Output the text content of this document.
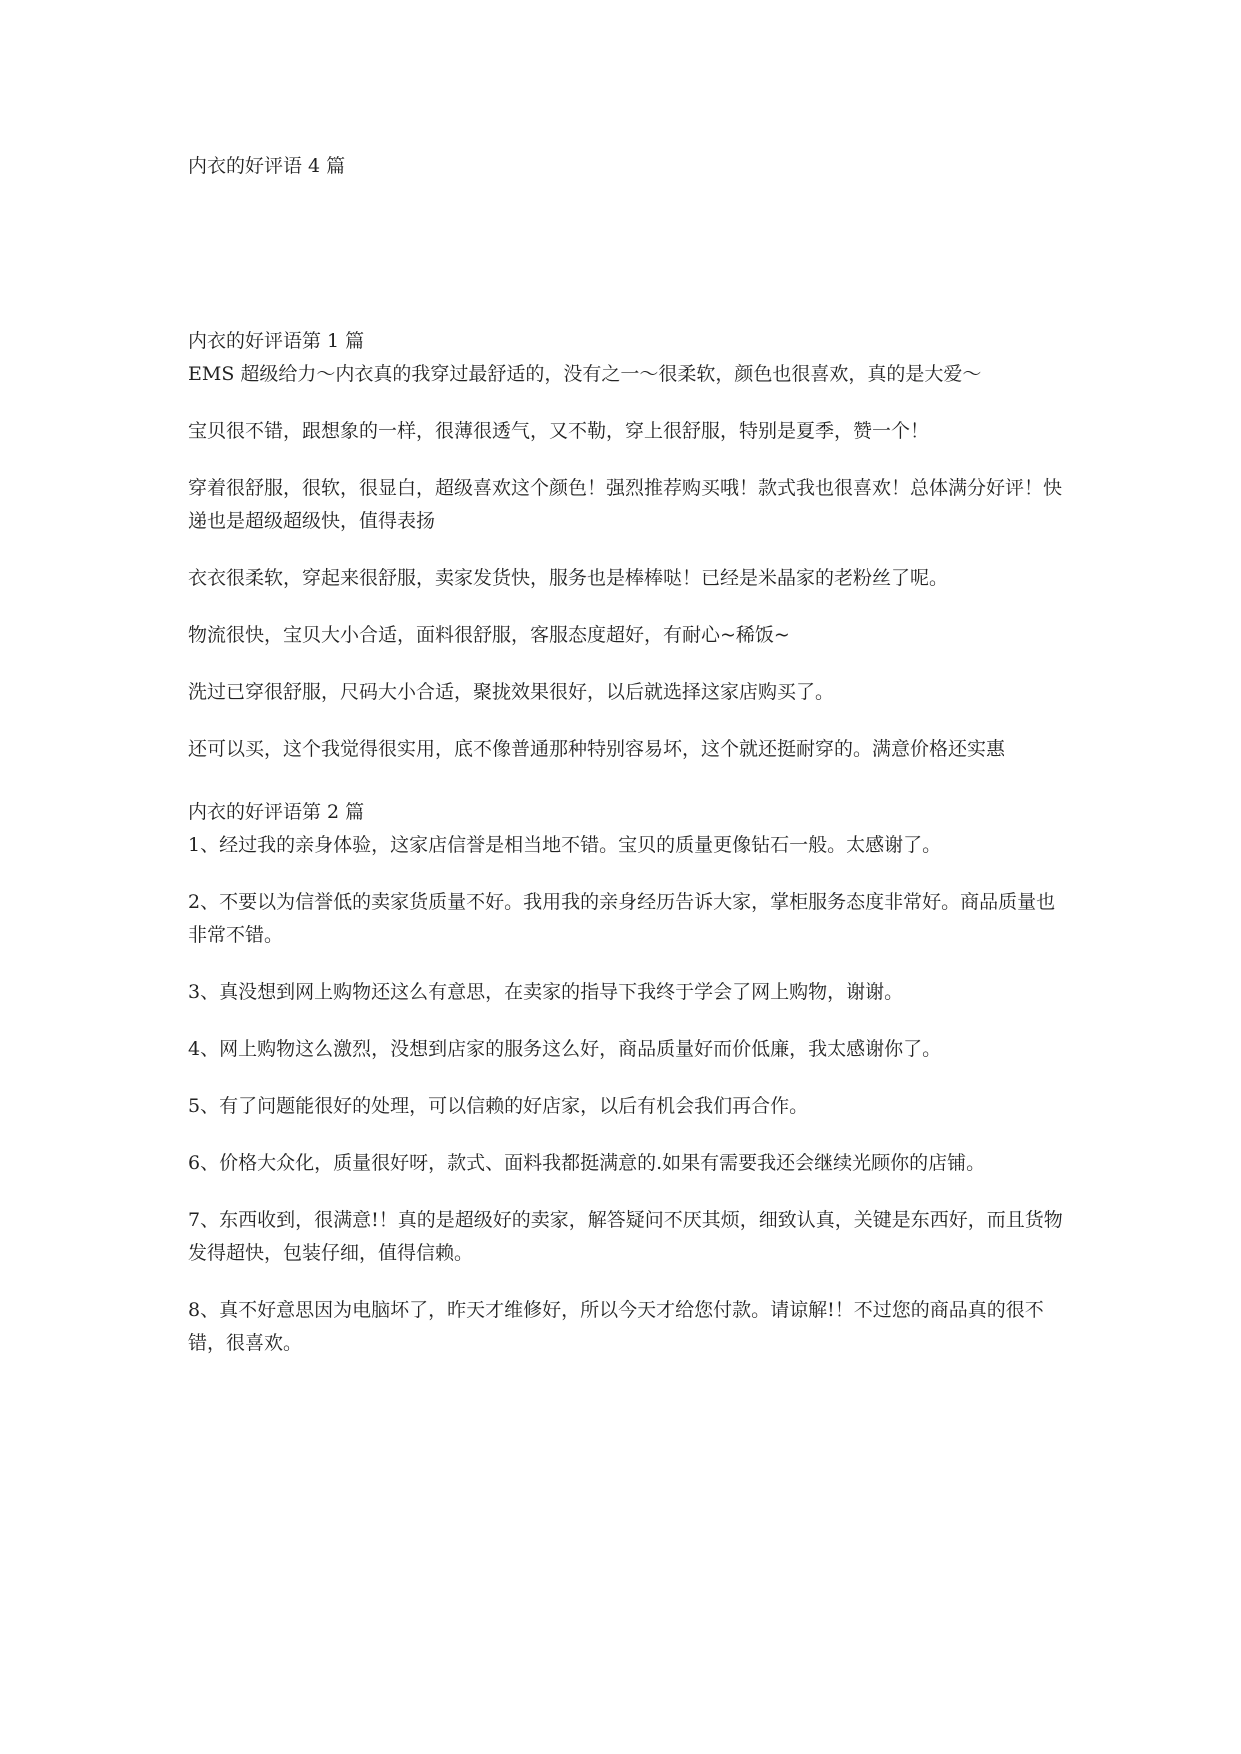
内衣的好评语 4 篇
内衣的好评语第 1 篇

EMS 超级给力～内衣真的我穿过最舒适的，没有之一～很柔软，颜色也很喜欢，真的是大爱～

宝贝很不错，跟想象的一样，很薄很透气，又不勒，穿上很舒服，特别是夏季，赞一个！

穿着很舒服，很软，很显白，超级喜欢这个颜色！强烈推荐购买哦！款式我也很喜欢！总体满分好评！快递也是超级超级快，值得表扬

衣衣很柔软，穿起来很舒服，卖家发货快，服务也是棒棒哒！已经是米晶家的老粉丝了呢。

物流很快，宝贝大小合适，面料很舒服，客服态度超好，有耐心~稀饭~

洗过已穿很舒服，尺码大小合适，聚拢效果很好，以后就选择这家店购买了。

还可以买，这个我觉得很实用，底不像普通那种特别容易坏，这个就还挺耐穿的。满意价格还实惠

内衣的好评语第 2 篇

1、经过我的亲身体验，这家店信誉是相当地不错。宝贝的质量更像钻石一般。太感谢了。

2、不要以为信誉低的卖家货质量不好。我用我的亲身经历告诉大家，掌柜服务态度非常好。商品质量也非常不错。

3、真没想到网上购物还这么有意思，在卖家的指导下我终于学会了网上购物，谢谢。

4、网上购物这么激烈，没想到店家的服务这么好，商品质量好而价低廉，我太感谢你了。

5、有了问题能很好的处理，可以信赖的好店家，以后有机会我们再合作。

6、价格大众化，质量很好呀，款式、面料我都挺满意的.如果有需要我还会继续光顾你的店铺。

7、东西收到，很满意!！真的是超级好的卖家，解答疑问不厌其烦，细致认真，关键是东西好，而且货物发得超快，包装仔细，值得信赖。

8、真不好意思因为电脑坏了，昨天才维修好，所以今天才给您付款。请谅解!！不过您的商品真的很不错，很喜欢。
